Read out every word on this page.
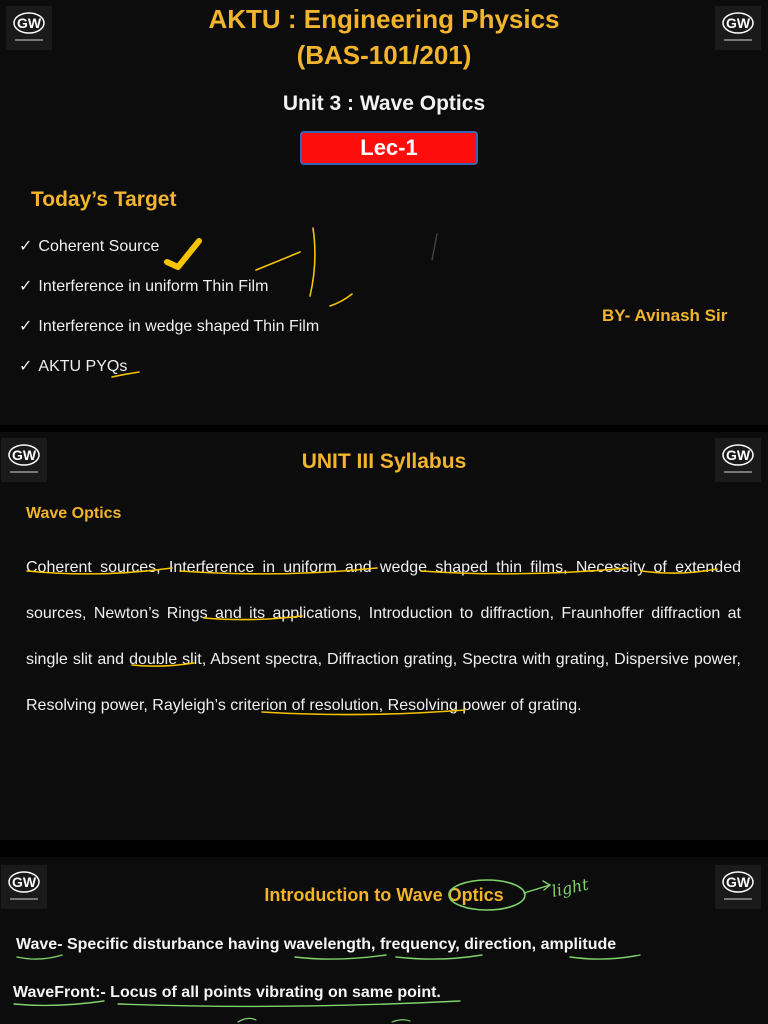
GW	GW
AKTU : Engineering Physics
(BAS-101/201)
Unit 3 : Wave Optics
Lec-1
Today’s Target
✓ Coherent Source
✓ Interference in uniform Thin Film
✓ Interference in wedge shaped Thin Film
✓ AKTU PYQs
BY- Avinash Sir
GW	GW
UNIT III Syllabus
Wave Optics
Coherent sources, Interference in uniform and wedge shaped thin films, Necessity of extended sources, Newton’s Rings and its applications, Introduction to diffraction, Fraunhoffer diffraction at single slit and double slit, Absent spectra, Diffraction grating, Spectra with grating, Dispersive power, Resolving power, Rayleigh’s criterion of resolution, Resolving power of grating.
GW	GW
Introduction to Wave Optics
Wave- Specific disturbance having wavelength, frequency, direction, amplitude
WaveFront:- Locus of all points vibrating on same point.
light
